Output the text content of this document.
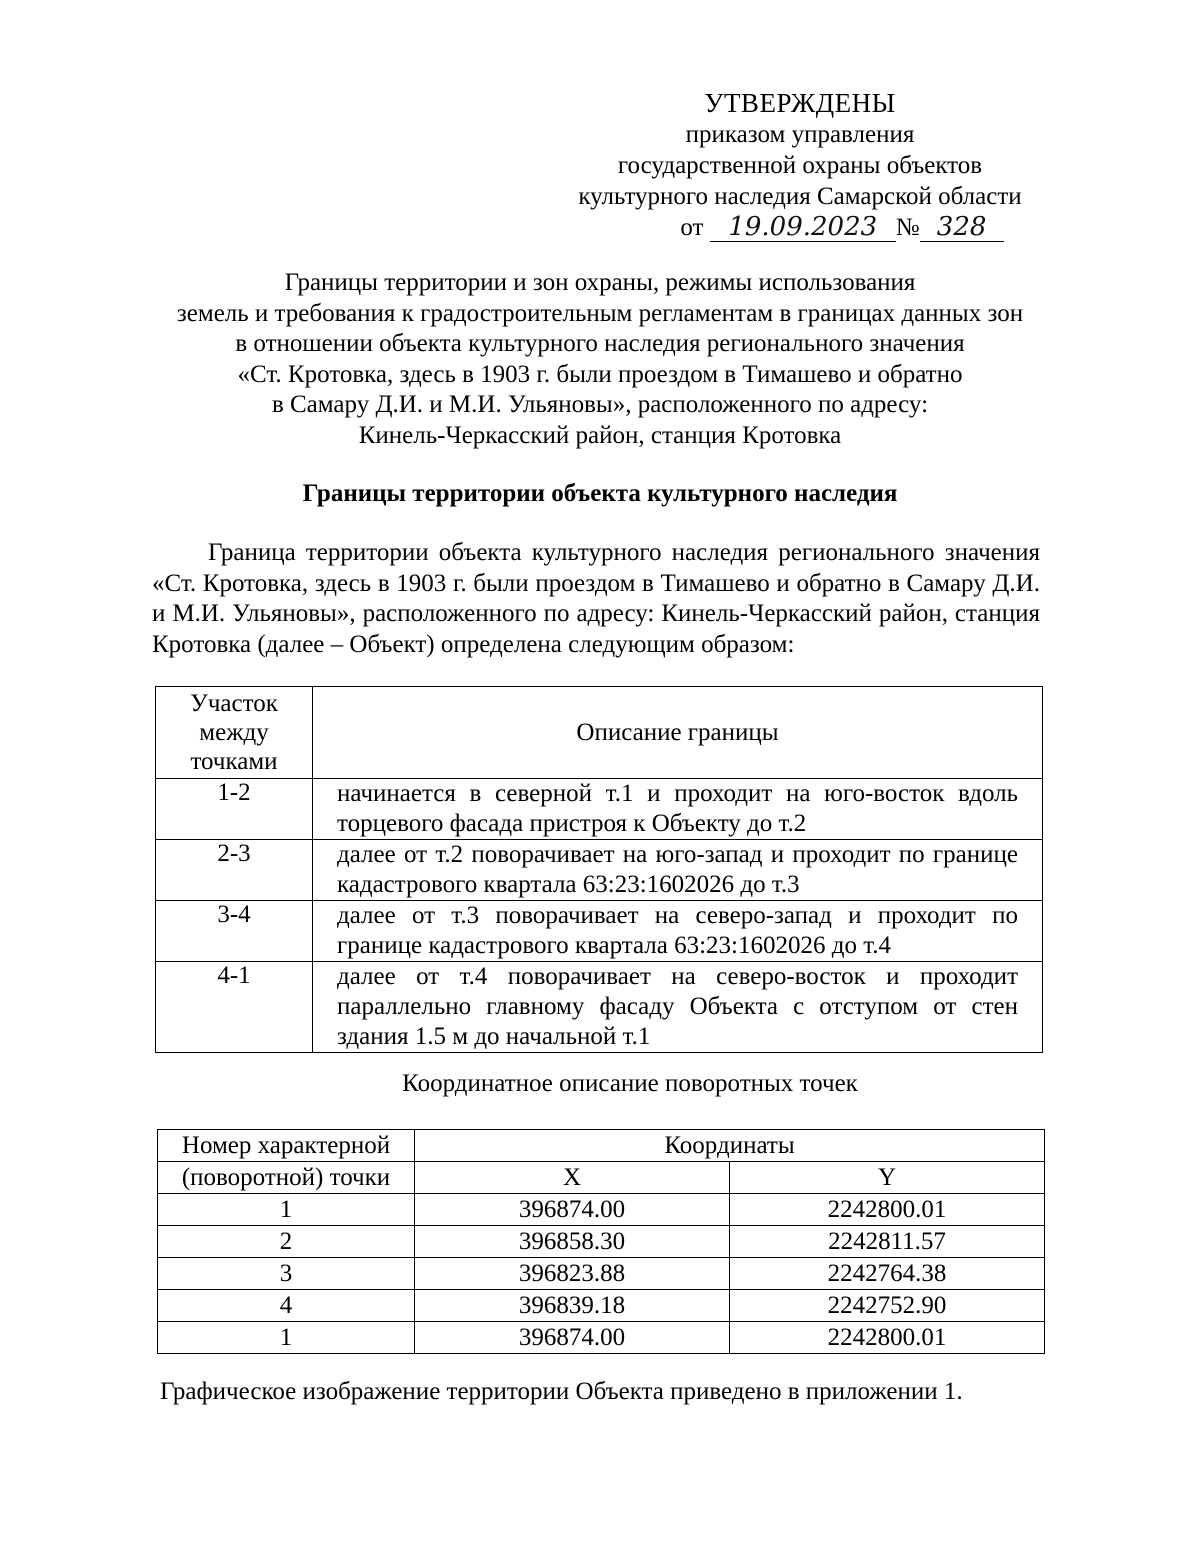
УТВЕРЖДЕНЫ
приказом управления
государственной охраны объектов
культурного наследия Самарской области
от 19.09.2023 № 328
Границы территории и зон охраны, режимы использования
земель и требования к градостроительным регламентам в границах данных зон
в отношении объекта культурного наследия регионального значения
«Ст. Кротовка, здесь в 1903 г. были проездом в Тимашево и обратно
в Самару Д.И. и М.И. Ульяновы», расположенного по адресу:
Кинель-Черкасский район, станция Кротовка
Границы территории объекта культурного наследия
Граница территории объекта культурного наследия регионального значения «Ст. Кротовка, здесь в 1903 г. были проездом в Тимашево и обратно в Самару Д.И. и М.И. Ульяновы», расположенного по адресу: Кинель-Черкасский район, станция Кротовка (далее – Объект) определена следующим образом:
Участок
между
точками	Описание границы
1-2	начинается в северной т.1 и проходит на юго-восток вдоль торцевого фасада пристроя к Объекту до т.2
2-3	далее от т.2 поворачивает на юго-запад и проходит по границе кадастрового квартала 63:23:1602026 до т.3
3-4	далее от т.3 поворачивает на северо-запад и проходит по границе кадастрового квартала 63:23:1602026 до т.4
4-1	далее от т.4 поворачивает на северо-восток и проходит параллельно главному фасаду Объекта с отступом от стен здания 1.5 м до начальной т.1
Координатное описание поворотных точек
Номер характерной	Координаты	
(поворотной) точки	X	Y
1	396874.00	2242800.01
2	396858.30	2242811.57
3	396823.88	2242764.38
4	396839.18	2242752.90
1	396874.00	2242800.01
Графическое изображение территории Объекта приведено в приложении 1.
